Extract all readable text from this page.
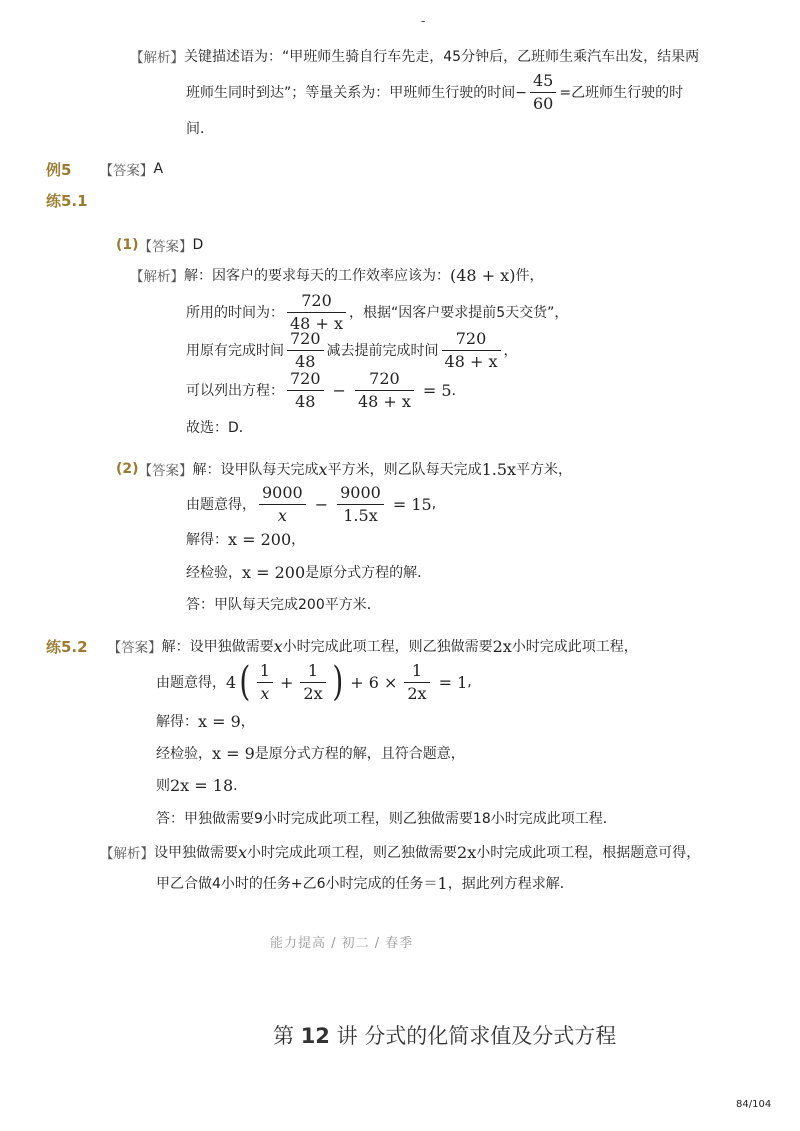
-
【解析】 关键描述语为：“甲班师生骑自行车先走，45分钟后，乙班师生乘汽车出发，结果两
班师生同时到达”；等量关系为：甲班师生行驶的时间− $\frac{45}{60}$ =乙班师生行驶的时
间．
例5 【答案】 A
练5.1
(1) 【答案】 D
【解析】 解：因客户的要求每天的工作效率应该为： (48 + x) 件，
所用的时间为： $\frac{720}{48 + x}$ ，根据“因客户要求提前5天交货”，
用原有完成时间 $\frac{720}{48}$ 减去提前完成时间 $\frac{720}{48 + x}$ ，
可以列出方程： $\frac{720}{48} - \frac{720}{48 + x} = 5$ ．
故选：D．
(2) 【答案】 解：设甲队每天完成 x 平方米，则乙队每天完成 1.5x 平方米，
由题意得， $\frac{9000}{x} - \frac{9000}{1.5x} = 15$ ,
解得： x = 200 ，
经检验， x = 200 是原分式方程的解．
答：甲队每天完成200平方米．
练5.2 【答案】 解：设甲独做需要 x 小时完成此项工程，则乙独做需要 2x 小时完成此项工程，
由题意得， 4 ( $\frac{1}{x} + \frac{1}{2x}$ ) + $6 \times \frac{1}{2x} = 1$ ,
解得： x = 9 ，
经检验， x = 9 是原分式方程的解，且符合题意，
则 2x = 18 ．
答：甲独做需要9小时完成此项工程，则乙独做需要18小时完成此项工程．
【解析】 设甲独做需要 x 小时完成此项工程，则乙独做需要 2x 小时完成此项工程，根据题意可得，
甲乙合做4小时的任务+乙6小时完成的任务＝ 1 ，据此列方程求解．
能力提高 / 初二 / 春季
第 12 讲 分式的化简求值及分式方程
84/104
